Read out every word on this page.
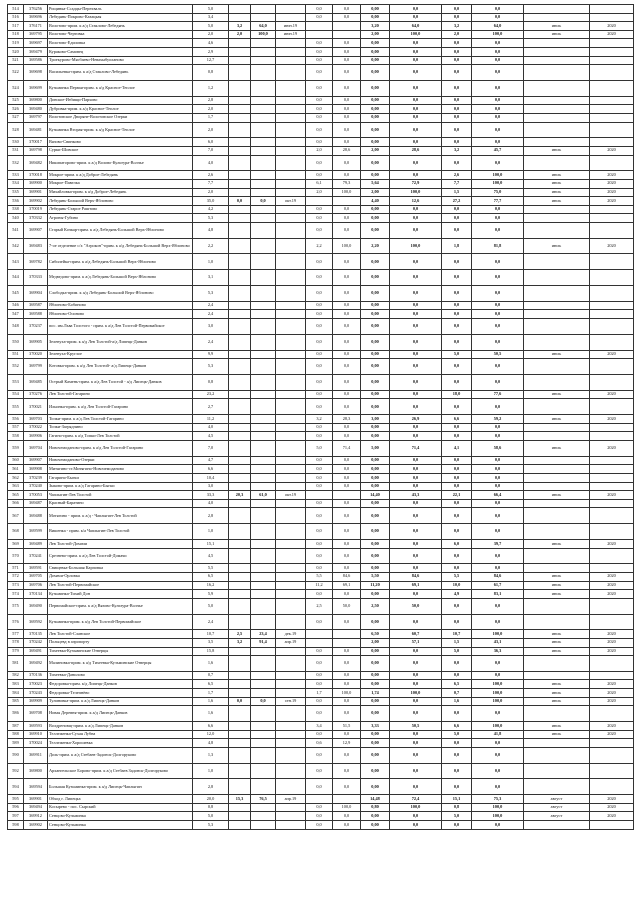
514	376256	Рощинка-Ссадцы-Перехваль	5,0				0,0	0,0	0,00	0,0	0,0	0,0		
516	369696	Лебедянь-Покрово-Казацкая	3,4				0,0	0,0	0,00	0,0	0,0	0,0		
517	376171	Волотово-прим. к а/д Стаклово-Лебедянь	5,0	3,2	64,0	июн.19			3,20	64,0	3,2	64,0	июль	2020
518	369795	Волотово-Чертовка	2,0	2,0	100,0	июн.19			2,00	100,0	2,0	100,0	июль	2020
519	369697	Волотово-Едиловка	4,6				0,0	0,0	0,00	0,0	0,0	0,0		
520	369479	Кураково-Самовец	2,9				0,0	0,0	0,00	0,0	0,0	0,0		
521	369586	Троекурово-Мясбаево-Невахыбуоланово	12,7				0,0	0,0	0,00	0,0	0,0	0,0		
522	369698	Васильевка-прим. к а/д Стаклово-Лебедянь	0,8				0,0	0,0	0,00	0,0	0,0	0,0		
524	369699	Кузьминка Первая-прим. к а/д Красное-Теплое	1,2				0,0	0,0	0,00	0,0	0,0	0,0		
525	369800	Донское-Избищи-Пархово	2,8				0,0	0,0	0,00	0,0	0,0	0,0		
526	369480	Дубровка-прим. к а/д Красное-Теплое	2,0				0,0	0,0	0,00	0,0	0,0	0,0		
527	369797	Волотовское Дворяне-Волотовское Озерки	1,7				0,0	0,0	0,00	0,0	0,0	0,0		
528	369481	Кузьминка Вторая-прим. к а/д Красное-Теплое	2,0				0,0	0,0	0,00	0,0	0,0	0,0		
530	370017	Вязово-Свинково	6,0				0,0	0,0	0,00	0,0	0,0	0,0		
531	369798	Сурки-Шовское	7,0				2,0	28,6	2,00	28,6	3,2	45,7	июль	2020
532	369482	Никипаторово-прим. к а/д Волово-Культура-Волчье	4,0				0,0	0,0	0,00	0,0	0,0	0,0		
533	370018	Мокрое-прим. к а/д Доброе-Лебедянь	2,6				0,0	0,0	0,00	0,0	2,6	100,0	июль	2020
534	369900	Мокрое-Павелка	7,7				6,1	79,3	5,64	72,9	7,7	100,0	июль	2020
535	369901	Михайловка-прим. к а/д Доброе-Лебедянь	2,0				2,0	100,0	2,00	100,0	1,5	75,0	июль	2020
536	369902	Лебедянь-Большой Верх-Яблоново	35,0	0,0	0,0	окт.19			4,40	12,6	27,2	77,7	июль	2020
538	370019	Лебедянь-Старое Раштово	4,2				0,0	0,0	0,00	0,0	0,0	0,0		
540	370332	Агроны-Губино	5,3				0,0	0,0	0,00	0,0	0,0	0,0		
541	369907	Старый Кочкар-прим. к а/д Лебедянь-Большой Верх-Яблоново	4,8				0,0	0,0	0,00	0,0	0,0	0,0		
542	369483	7-ое отделение с/х "Агрокон"-прим. к а/д Лебедянь-Большой Верх-Яблоново	2,2				2,2	100,0	2,20	100,0	1,8	81,8	июль	2020
543	369782	Сибилейка-прим. к а/д Лебедянь-Большой Верх-Яблоново	1,0				0,0	0,0	0,00	0,0	0,0	0,0		
544	370333	Медведово-прим. к а/д Лебедянь-Большой Верх-Яблоново	3,1				0,0	0,0	0,00	0,0	0,0	0,0		
545	369904	Слободка-прим. к а/д Лебедянь-Большой Верх-Яблоново	5,3				0,0	0,0	0,00	0,0	0,0	0,0		
546	369587	Яблоново-Бобиново	2,4				0,0	0,0	0,00	0,0	0,0	0,0		
547	369588	Яблоново-Осиново	2,4				0,0	0,0	0,00	0,0	0,0	0,0		
548	370237	пос. им.Льва Толстого - прим. к а/д Лев Толстой-Первомайское	3,0				0,0	0,0	0,00	0,0	0,0	0,0		
550	369905	Зеленуха-прим. к а/д Лев Толстой-а/д Липецк-Данков	2,4				0,0	0,0	0,00	0,0	0,0	0,0		
551	370020	Зеленуха-Круглое	9,9				0,0	0,0	0,00	0,0	5,0	50,5	июль	2020
552	369799	Котовка-прим. к а/д Лев Толстой- а/д Липецк-Данков	5,3				0,0	0,0	0,00	0,0	0,0	0,0		
553	369485	Острый Камень-прим. к а/д Лев Толстой - а/д Липецк-Данков	0,8				0,0	0,0	0,00	0,0	0,0	0,0		
554	370276	Лев Толстой-Гагарино	23,2				0,0	0,0	0,00	0,0	18,0	77,6	июль	2020
555	370021	Ильинка-прим. к а/д Лев Толстой-Гагарино	2,7				0,0	0,0	0,00	0,0	0,0	0,0		
556	369703	Топки-прим. к а/д Лев Толстой-Гагарино	11,2				3,2	28,3	3,00	26,9	6,6	59,2	июль	2020
557	370022	Топки-Загрядчино	4,0				0,0	0,0	0,00	0,0	0,0	0,0		
558	369906	Гагино-прим. к а/д Топки-Лев Толстой	4,5				0,0	0,0	0,00	0,0	0,0	0,0		
559	369704	Новочемоданово-прим. к а/д Лев Толстой-Гагарино	7,0				5,0	71,4	5,00	71,4	4,1	58,6	июль	2020
560	369907	Новочемоданово-Озерки	4,7				0,0	0,0	0,00	0,0	0,0	0,0		
561	369908	Митягино-ст.Митягино-Новочемоданово	6,6				0,0	0,0	0,00	0,0	0,0	0,0		
562	370239	Гагарино-Быгки	10,4				0,0	0,0	0,00	0,0	0,0	0,0		
563	370240	Зыково-прим. к а/д Гагарино-Быгки	3,0				0,0	0,0	0,00	0,0	0,0	0,0		
565	370053	Чаплыгин-Лев Толстой	33,3	20,3	61,0	окт.19			14,40	43,3	22,1	66,4	июль	2020
566	369487	Красный-Баратино	4,0				0,0	0,0	0,00	0,0	0,0	0,0		
567	369488	Мотягино - прим. к а/д - Чаплыгин-Лев Толстой	2,8				0,0	0,0	0,00	0,0	0,0	0,0		
568	369599	Вишенка - прим. к/а Чаплыгин-Лев Толстой	1,0				0,0	0,0	0,00	0,0	0,0	0,0		
569	369489	Лев Толстой-Домачи	15,1				0,0	0,0	0,00	0,0	6,0	39,7	июль	2020
570	370241	Срезнево-прим. к а/д Лев Толстой-Домачи	4,5				0,0	0,0	0,00	0,0	0,0	0,0		
571	369591	Свищевка-Большая Карповка	5,5				0,0	0,0	0,00	0,0	0,0	0,0		
572	369705	Домачи-Орловка	6,5				5,5	84,6	5,50	84,6	5,5	84,6	июль	2020
573	369706	Лев Толстой-Первомайское	16,2				11,2	69,1	11,20	69,1	10,0	61,7	июль	2020
574	370134	Кузьминка-Тихий Дон	5,9				0,0	0,0	0,00	0,0	4,9	83,1	июль	2020
575	369490	Первомайское-прим. к а/д Вязово-Культура-Волчье	5,0				2,5	50,0	2,50	50,0	0,0	0,0		
576	369592	Кузьминка-прим. к а/д Лев Толстой-Первомайское	2,4				0,0	0,0	0,00	0,0	0,0	0,0		
577	370135	Лев Толстой-Сланское	10,7	2,5	23,4	дек.19			6,50	60,7	10,7	100,0	июль	2020
578	370242	Польцевд в аэропорту	3,5	3,2	91,4	апр.19			2,00	57,1	1,5	43,1	июль	2020
579	369491	Тихеевка-Кузьминские Отверцы	15,8				0,0	0,0	0,00	0,0	5,0	36,3	июль	2020
581	369492	Малиновка-прим. к а/д Тихеевка-Кузьминские Отверцы	1,6				0,0	0,0	0,00	0,0	0,0	0,0		
582	370136	Тихеевка-Данилово	0,7				0,0	0,0	0,00	0,0	0,0	0,0		
583	370023	Федоровка-прим. к/д Липецк-Данков	6,5				0,0	0,0	0,00	0,0	6,5	100,0	июль	2020
584	370243	Федоровка-Телепнёво	1,7				1,7	100,0	1,74	100,0	0,7	100,0	июль	2020
585	369909	Тулиновка-прим. к а/д Липецк-Данков	1,6	0,0	0,0	сен.19	0,0	0,0	0,00	0,0	1,6	100,0	июль	2020
586	369708	Новая Деревня-прим. к а/д Липецк-Данков	1,6				0,0	0,0	0,00	0,0	0,0	0,0		
587	369593	Волдреновщ-прим. к а/д Липецк-Данков	6,6				3,4	51,5	3,33	50,5	6,6	100,0	июль	2020
588	369910	Теллеженка-Сухая Лубна	12,0				0,0	0,0	0,00	0,0	5,0	41,8	июль	2020
589	370024	Теллеженка-Хорошевка	4,8				0,6	12,9	0,00	0,0	0,0	0,0		
590	369911	Доль-прим. к а/д Стебаев-Задонск-Долгоруково	1,3				0,0	0,0	0,00	0,0	0,0	0,0		
592	369800	Архангельское Борово-прим. к а/д Стебаев Задонск-Долгоруково	1,0				0,0	0,0	0,00	0,0	0,0	0,0		
594	369594	Большая Кузьминка-прим. к а/д Липецк-Чаплыгин	2,8				0,0	0,0	0,00	0,0	0,0	0,0		
595	369901	Обход г. Липецка	20,0	15,3	76,5	апр.19			14,48	72,4	15,1	75,3	август	2020
596	369494	Косырево - пос. Сырский	0,8				0,0	100,0	0,80	100,0	0,8	100,0	август	2020
597	369912	Сенцово-Кузьминка	5,0				0,0	0,0	0,00	0,0	5,0	100,0	август	2020
598	369902	Сенцово-Кузьминка	5,3				0,0	0,0	0,00	0,0	0,0	0,0		
